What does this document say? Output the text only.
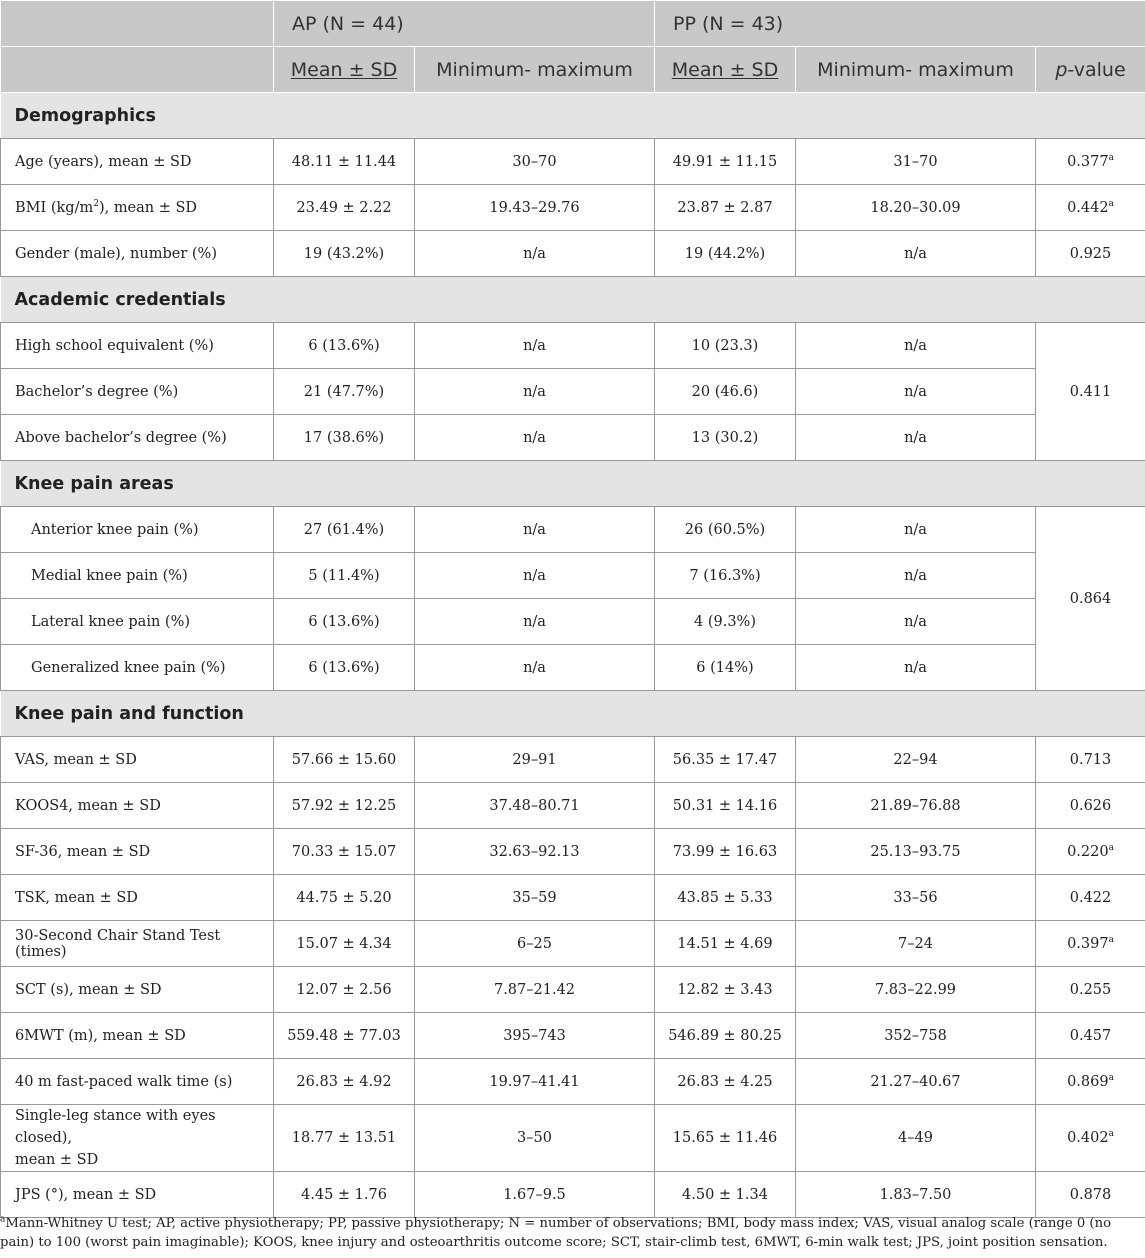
	AP (N = 44)		PP (N = 43)		
	Mean ± SD	Minimum- maximum	Mean ± SD	Minimum- maximum	p-value
Demographics					
Age (years), mean ± SD	48.11 ± 11.44	30–70	49.91 ± 11.15	31–70	0.377$^a$
BMI $(kg/m^2)$, mean ± SD	23.49 ± 2.22	19.43–29.76	23.87 ± 2.87	18.20–30.09	0.442$^a$
Gender (male), number (%)	19 (43.2%)	n/a	19 (44.2%)	n/a	0.925
Academic credentials					
High school equivalent (%)	6 (13.6%)	n/a	10 (23.3)	n/a	0.411
Bachelor’s degree (%)	21 (47.7%)	n/a	20 (46.6)	n/a	
Above bachelor’s degree (%)	17 (38.6%)	n/a	13 (30.2)	n/a	
Knee pain areas					
Anterior knee pain (%)	27 (61.4%)	n/a	26 (60.5%)	n/a	0.864
Medial knee pain (%)	5 (11.4%)	n/a	7 (16.3%)	n/a	
Lateral knee pain (%)	6 (13.6%)	n/a	4 (9.3%)	n/a	
Generalized knee pain (%)	6 (13.6%)	n/a	6 (14%)	n/a	
Knee pain and function					
VAS, mean ± SD	57.66 ± 15.60	29–91	56.35 ± 17.47	22–94	0.713
KOOS4, mean ± SD	57.92 ± 12.25	37.48–80.71	50.31 ± 14.16	21.89–76.88	0.626
SF-36, mean ± SD	70.33 ± 15.07	32.63–92.13	73.99 ± 16.63	25.13–93.75	0.220$^a$
TSK, mean ± SD	44.75 ± 5.20	35–59	43.85 ± 5.33	33–56	0.422
30-Second Chair Stand Test (times)	15.07 ± 4.34	6–25	14.51 ± 4.69	7–24	0.397$^a$
SCT (s), mean ± SD	12.07 ± 2.56	7.87–21.42	12.82 ± 3.43	7.83–22.99	0.255
6MWT (m), mean ± SD	559.48 ± 77.03	395–743	546.89 ± 80.25	352–758	0.457
40 m fast-paced walk time (s)	26.83 ± 4.92	19.97–41.41	26.83 ± 4.25	21.27–40.67	0.869$^a$
Single-leg stance with eyes closed),
mean ± SD	18.77 ± 13.51	3–50	15.65 ± 11.46	4–49	0.402$^a$
JPS (°), mean ± SD	4.45 ± 1.76	1.67–9.5	4.50 ± 1.34	1.83–7.50	0.878
$^a$Mann-Whitney U test; AP, active physiotherapy; PP, passive physiotherapy; N = number of observations; BMI, body mass index; VAS, visual analog scale (range 0 (no pain) to 100 (worst pain imaginable); KOOS, knee injury and osteoarthritis outcome score; SCT, stair-climb test, 6MWT, 6-min walk test; JPS, joint position sensation.
